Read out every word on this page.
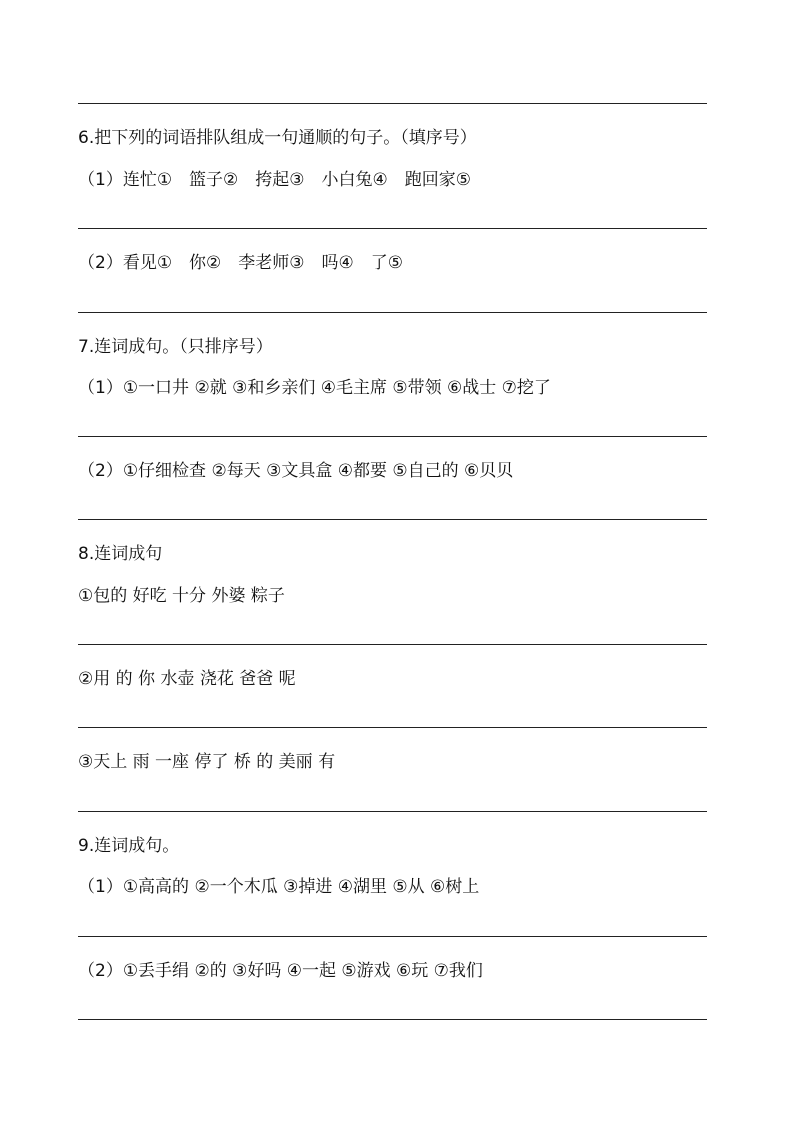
6.把下列的词语排队组成一句通顺的句子。（填序号）
（1）连忙①　篮子②　挎起③　小白兔④　跑回家⑤
（2）看见①　你②　李老师③　吗④　了⑤
7.连词成句。（只排序号）
（1）①一口井 ②就 ③和乡亲们 ④毛主席 ⑤带领 ⑥战士 ⑦挖了
（2）①仔细检查 ②每天 ③文具盒 ④都要 ⑤自己的 ⑥贝贝
8.连词成句
①包的 好吃 十分 外婆 粽子
②用 的 你 水壶 浇花 爸爸 呢
③天上 雨 一座 停了 桥 的 美丽 有
9.连词成句。
（1）①高高的 ②一个木瓜 ③掉进 ④湖里 ⑤从 ⑥树上
（2）①丢手绢 ②的 ③好吗 ④一起 ⑤游戏 ⑥玩 ⑦我们
